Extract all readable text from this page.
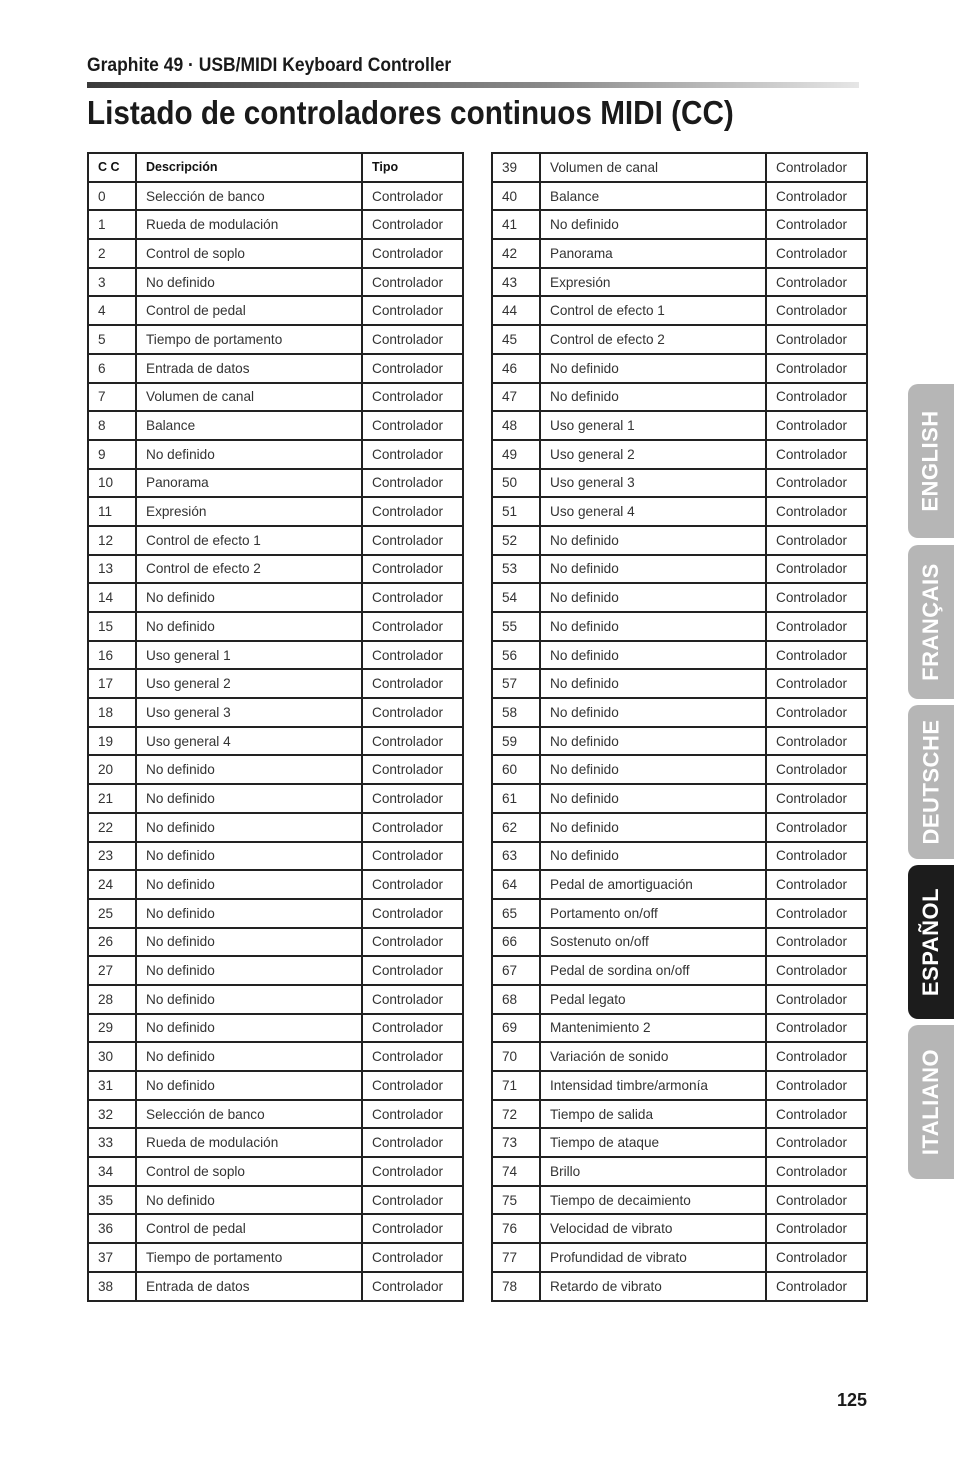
Graphite 49 · USB/MIDI Keyboard Controller
Listado de controladores continuos MIDI (CC)
C C	Descripción	Tipo
0	Selección de banco	Controlador
1	Rueda de modulación	Controlador
2	Control de soplo	Controlador
3	No definido	Controlador
4	Control de pedal	Controlador
5	Tiempo de portamento	Controlador
6	Entrada de datos	Controlador
7	Volumen de canal	Controlador
8	Balance	Controlador
9	No definido	Controlador
10	Panorama	Controlador
11	Expresión	Controlador
12	Control de efecto 1	Controlador
13	Control de efecto 2	Controlador
14	No definido	Controlador
15	No definido	Controlador
16	Uso general 1	Controlador
17	Uso general 2	Controlador
18	Uso general 3	Controlador
19	Uso general 4	Controlador
20	No definido	Controlador
21	No definido	Controlador
22	No definido	Controlador
23	No definido	Controlador
24	No definido	Controlador
25	No definido	Controlador
26	No definido	Controlador
27	No definido	Controlador
28	No definido	Controlador
29	No definido	Controlador
30	No definido	Controlador
31	No definido	Controlador
32	Selección de banco	Controlador
33	Rueda de modulación	Controlador
34	Control de soplo	Controlador
35	No definido	Controlador
36	Control de pedal	Controlador
37	Tiempo de portamento	Controlador
38	Entrada de datos	Controlador
39	Volumen de canal	Controlador
40	Balance	Controlador
41	No definido	Controlador
42	Panorama	Controlador
43	Expresión	Controlador
44	Control de efecto 1	Controlador
45	Control de efecto 2	Controlador
46	No definido	Controlador
47	No definido	Controlador
48	Uso general 1	Controlador
49	Uso general 2	Controlador
50	Uso general 3	Controlador
51	Uso general 4	Controlador
52	No definido	Controlador
53	No definido	Controlador
54	No definido	Controlador
55	No definido	Controlador
56	No definido	Controlador
57	No definido	Controlador
58	No definido	Controlador
59	No definido	Controlador
60	No definido	Controlador
61	No definido	Controlador
62	No definido	Controlador
63	No definido	Controlador
64	Pedal de amortiguación	Controlador
65	Portamento on/off	Controlador
66	Sostenuto on/off	Controlador
67	Pedal de sordina on/off	Controlador
68	Pedal legato	Controlador
69	Mantenimiento 2	Controlador
70	Variación de sonido	Controlador
71	Intensidad timbre/armonía	Controlador
72	Tiempo de salida	Controlador
73	Tiempo de ataque	Controlador
74	Brillo	Controlador
75	Tiempo de decaimiento	Controlador
76	Velocidad de vibrato	Controlador
77	Profundidad de vibrato	Controlador
78	Retardo de vibrato	Controlador
ENGLISH
FRANÇAIS
DEUTSCHE
ESPAÑOL
ITALIANO
125
